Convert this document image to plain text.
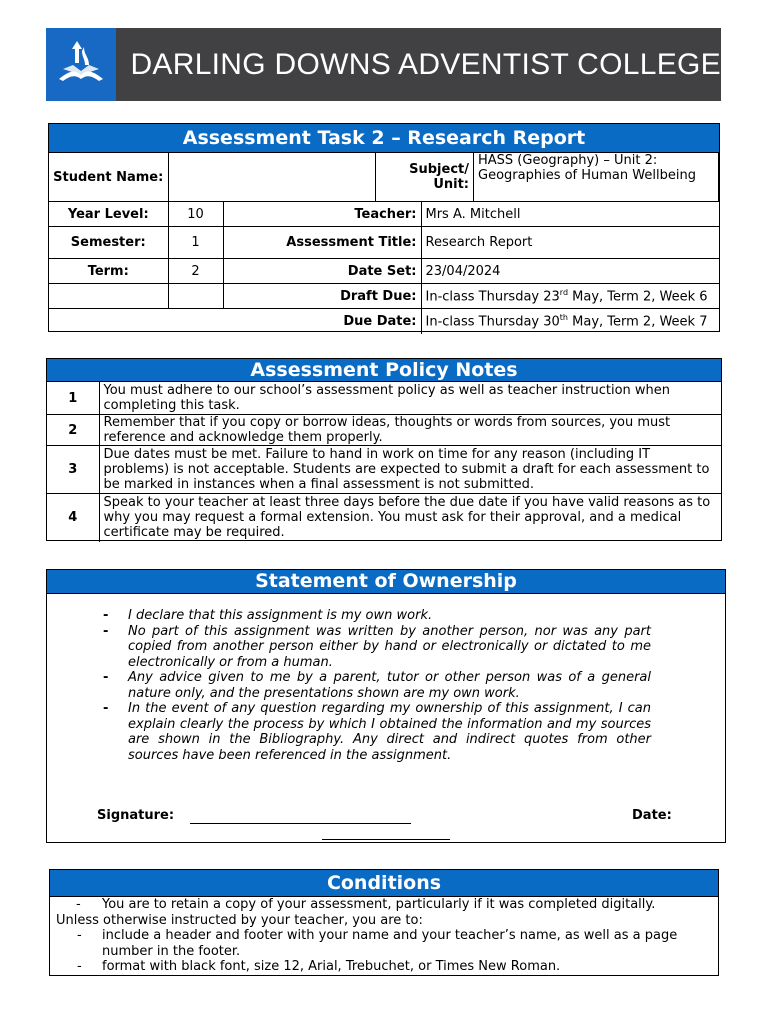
DARLING DOWNS ADVENTIST COLLEGE
Assessment Task 2 – Research Report
Student Name:			Subject/ Unit:	HASS (Geography) – Unit 2: Geographies of Human Wellbeing

Year Level:	10	Teacher:	Mrs A. Mitchell
Semester:	1	Assessment Title:	Research Report
Term:	2	Date Set:	23/04/2024
		Draft Due:	In-class Thursday 23rd May, Term 2, Week 6
Due Date:	In-class Thursday 30th May, Term 2, Week 7
Assessment Policy Notes
1	You must adhere to our school’s assessment policy as well as teacher instruction when completing this task.
2	Remember that if you copy or borrow ideas, thoughts or words from sources, you must reference and acknowledge them properly.
3	Due dates must be met. Failure to hand in work on time for any reason (including IT problems) is not acceptable. Students are expected to submit a draft for each assessment to be marked in instances when a final assessment is not submitted.
4	Speak to your teacher at least three days before the due date if you have valid reasons as to why you may request a formal extension. You must ask for their approval, and a medical certificate may be required.
Statement of Ownership
- I declare that this assignment is my own work.
- No part of this assignment was written by another person, nor was any part copied from another person either by hand or electronically or dictated to me electronically or from a human.
- Any advice given to me by a parent, tutor or other person was of a general nature only, and the presentations shown are my own work.
- In the event of any question regarding my ownership of this assignment, I can explain clearly the process by which I obtained the information and my sources are shown in the Bibliography. Any direct and indirect quotes from other sources have been referenced in the assignment.
Signature:	Date:
Conditions
- You are to retain a copy of your assessment, particularly if it was completed digitally.
Unless otherwise instructed by your teacher, you are to:
- include a header and footer with your name and your teacher’s name, as well as a page number in the footer.
- format with black font, size 12, Arial, Trebuchet, or Times New Roman.
